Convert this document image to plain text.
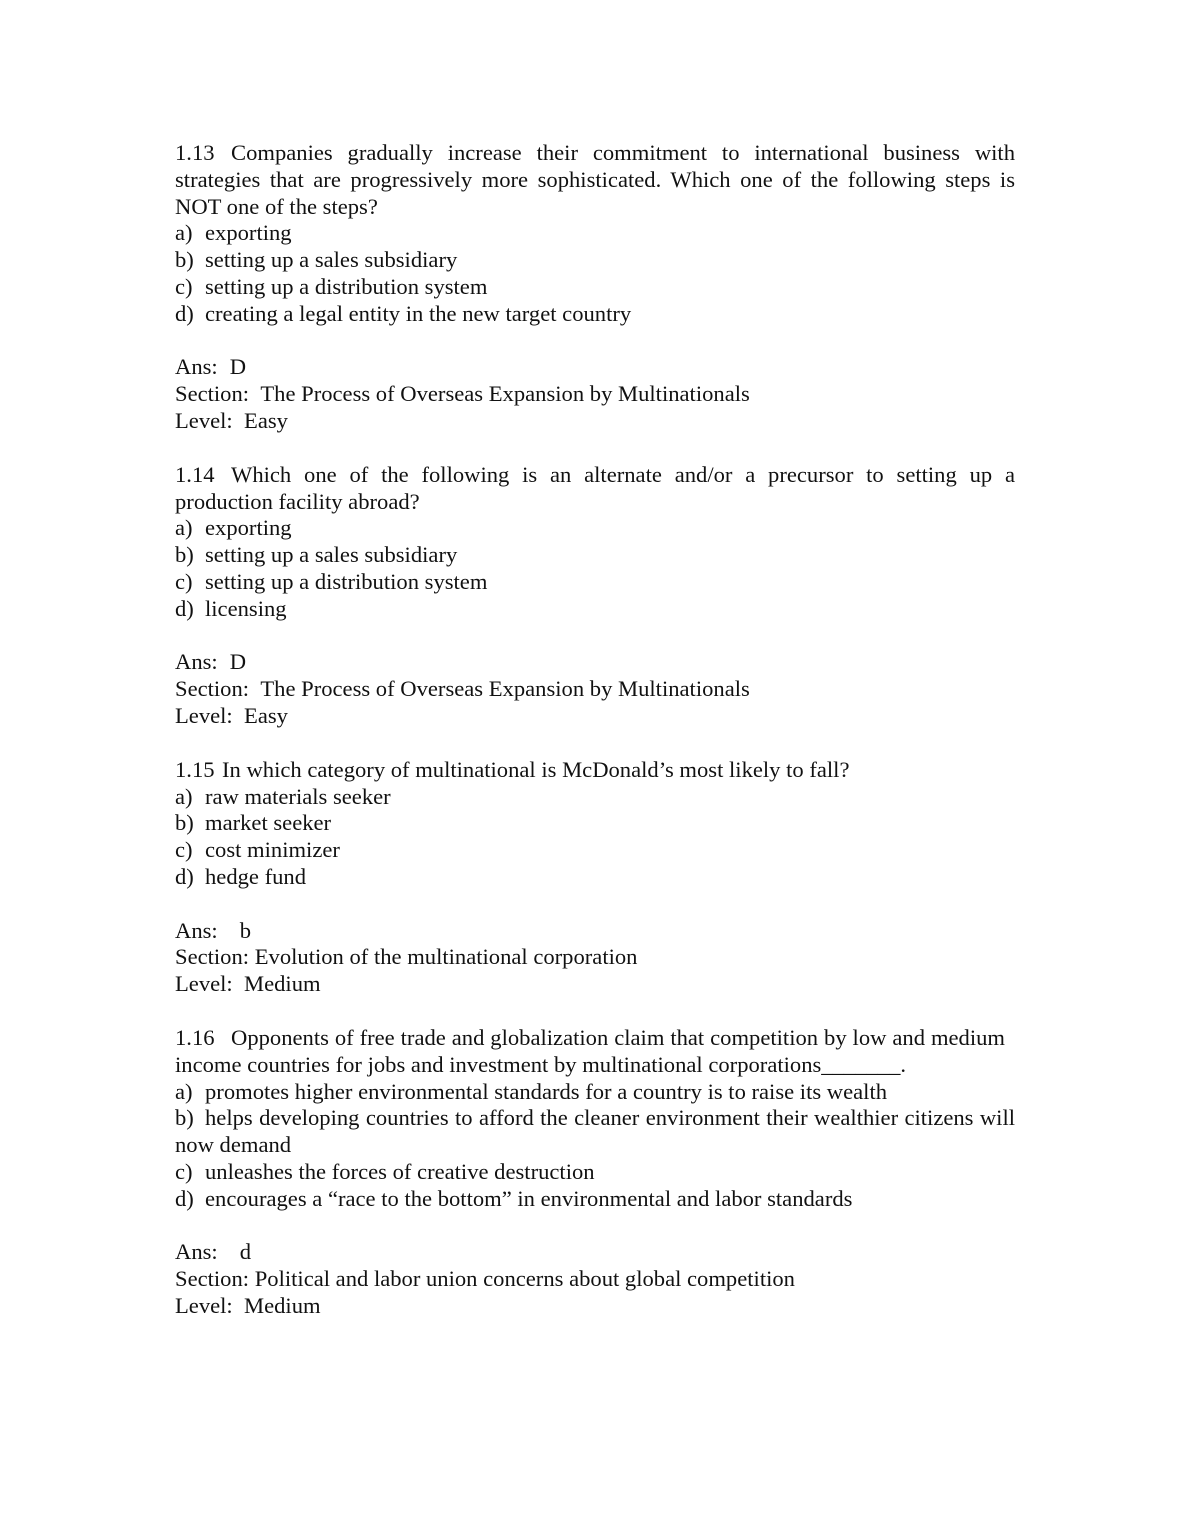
1.13 Companies gradually increase their commitment to international business with strategies that are progressively more sophisticated. Which one of the following steps is NOT one of the steps?

a) exporting
b) setting up a sales subsidiary
c) setting up a distribution system
d) creating a legal entity in the new target country

Ans: D

Section: The Process of Overseas Expansion by Multinationals

Level: Easy

1.14 Which one of the following is an alternate and/or a precursor to setting up a production facility abroad?

a) exporting
b) setting up a sales subsidiary
c) setting up a distribution system
d) licensing

Ans: D

Section: The Process of Overseas Expansion by Multinationals

Level: Easy

1.15 In which category of multinational is McDonald’s most likely to fall?

a) raw materials seeker
b) market seeker
c) cost minimizer
d) hedge fund

Ans: b

Section: Evolution of the multinational corporation

Level: Medium

1.16 Opponents of free trade and globalization claim that competition by low and medium income countries for jobs and investment by multinational corporations_______.

a) promotes higher environmental standards for a country is to raise its wealth
b) helps developing countries to afford the cleaner environment their wealthier citizens will now demand
c) unleashes the forces of creative destruction
d) encourages a “race to the bottom” in environmental and labor standards

Ans: d

Section: Political and labor union concerns about global competition

Level: Medium
